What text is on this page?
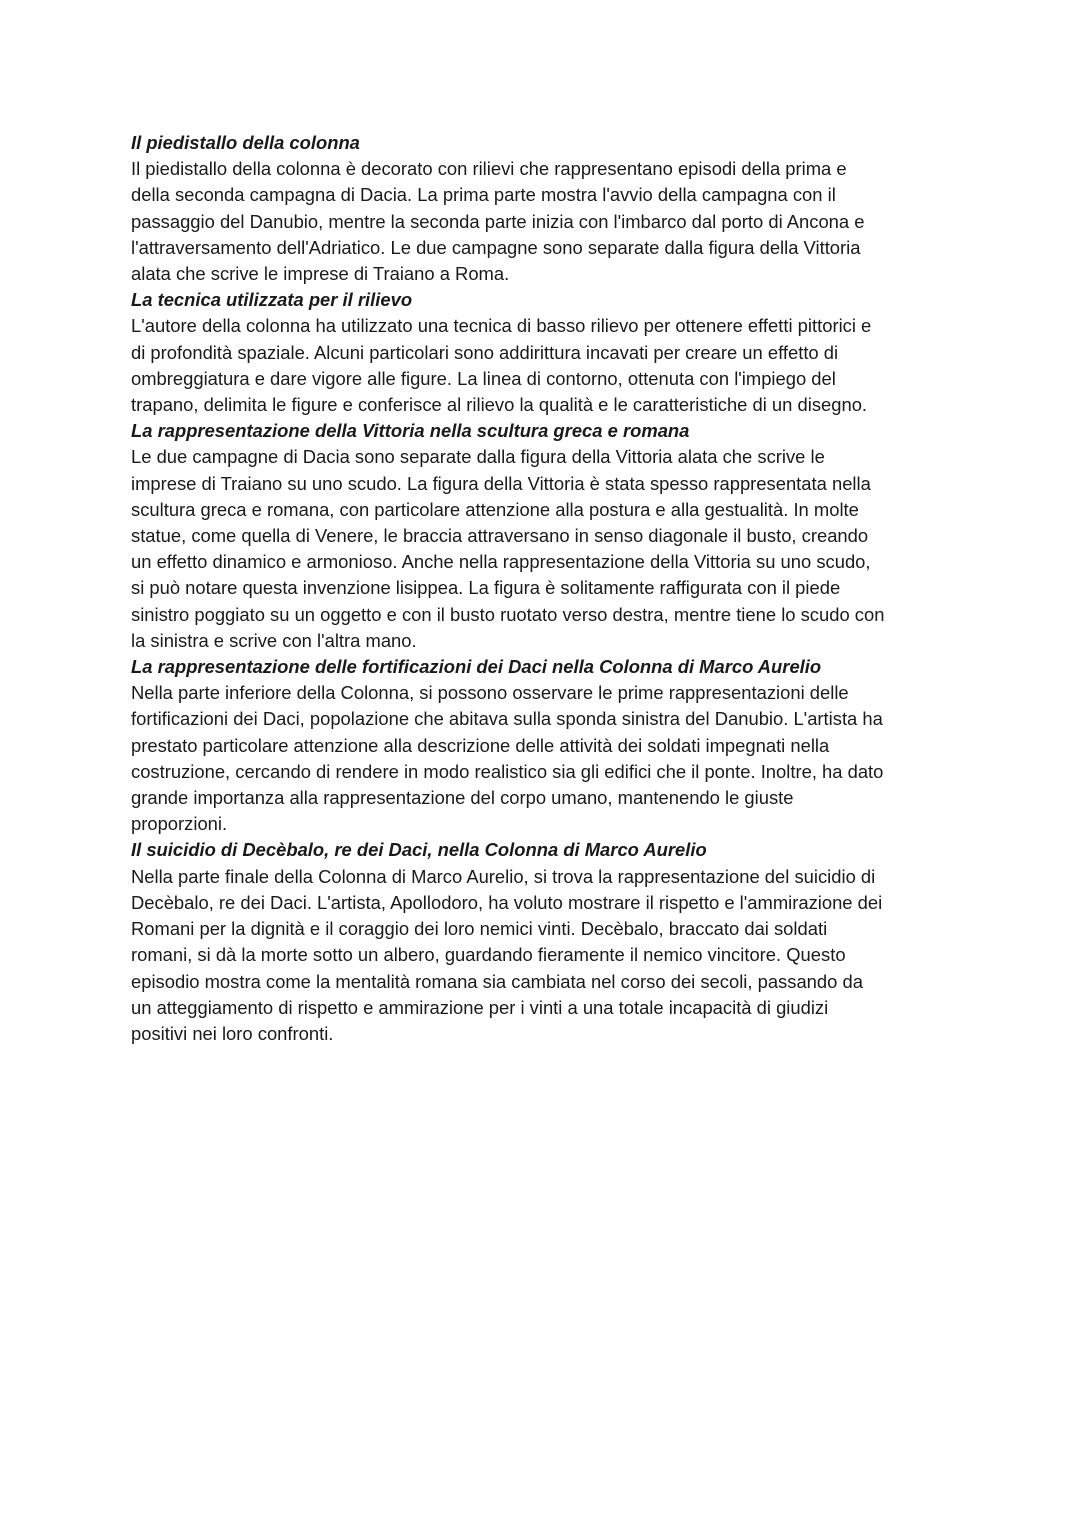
Il piedistallo della colonna

Il piedistallo della colonna è decorato con rilievi che rappresentano episodi della prima e
della seconda campagna di Dacia. La prima parte mostra l'avvio della campagna con il
passaggio del Danubio, mentre la seconda parte inizia con l'imbarco dal porto di Ancona e
l'attraversamento dell'Adriatico. Le due campagne sono separate dalla figura della Vittoria
alata che scrive le imprese di Traiano a Roma.

La tecnica utilizzata per il rilievo

L'autore della colonna ha utilizzato una tecnica di basso rilievo per ottenere effetti pittorici e
di profondità spaziale. Alcuni particolari sono addirittura incavati per creare un effetto di
ombreggiatura e dare vigore alle figure. La linea di contorno, ottenuta con l'impiego del
trapano, delimita le figure e conferisce al rilievo la qualità e le caratteristiche di un disegno.

La rappresentazione della Vittoria nella scultura greca e romana

Le due campagne di Dacia sono separate dalla figura della Vittoria alata che scrive le
imprese di Traiano su uno scudo. La figura della Vittoria è stata spesso rappresentata nella
scultura greca e romana, con particolare attenzione alla postura e alla gestualità. In molte
statue, come quella di Venere, le braccia attraversano in senso diagonale il busto, creando
un effetto dinamico e armonioso. Anche nella rappresentazione della Vittoria su uno scudo,
si può notare questa invenzione lisippea. La figura è solitamente raffigurata con il piede
sinistro poggiato su un oggetto e con il busto ruotato verso destra, mentre tiene lo scudo con
la sinistra e scrive con l'altra mano.

La rappresentazione delle fortificazioni dei Daci nella Colonna di Marco Aurelio

Nella parte inferiore della Colonna, si possono osservare le prime rappresentazioni delle
fortificazioni dei Daci, popolazione che abitava sulla sponda sinistra del Danubio. L'artista ha
prestato particolare attenzione alla descrizione delle attività dei soldati impegnati nella
costruzione, cercando di rendere in modo realistico sia gli edifici che il ponte. Inoltre, ha dato
grande importanza alla rappresentazione del corpo umano, mantenendo le giuste
proporzioni.

Il suicidio di Decèbalo, re dei Daci, nella Colonna di Marco Aurelio

Nella parte finale della Colonna di Marco Aurelio, si trova la rappresentazione del suicidio di
Decèbalo, re dei Daci. L'artista, Apollodoro, ha voluto mostrare il rispetto e l'ammirazione dei
Romani per la dignità e il coraggio dei loro nemici vinti. Decèbalo, braccato dai soldati
romani, si dà la morte sotto un albero, guardando fieramente il nemico vincitore. Questo
episodio mostra come la mentalità romana sia cambiata nel corso dei secoli, passando da
un atteggiamento di rispetto e ammirazione per i vinti a una totale incapacità di giudizi
positivi nei loro confronti.
